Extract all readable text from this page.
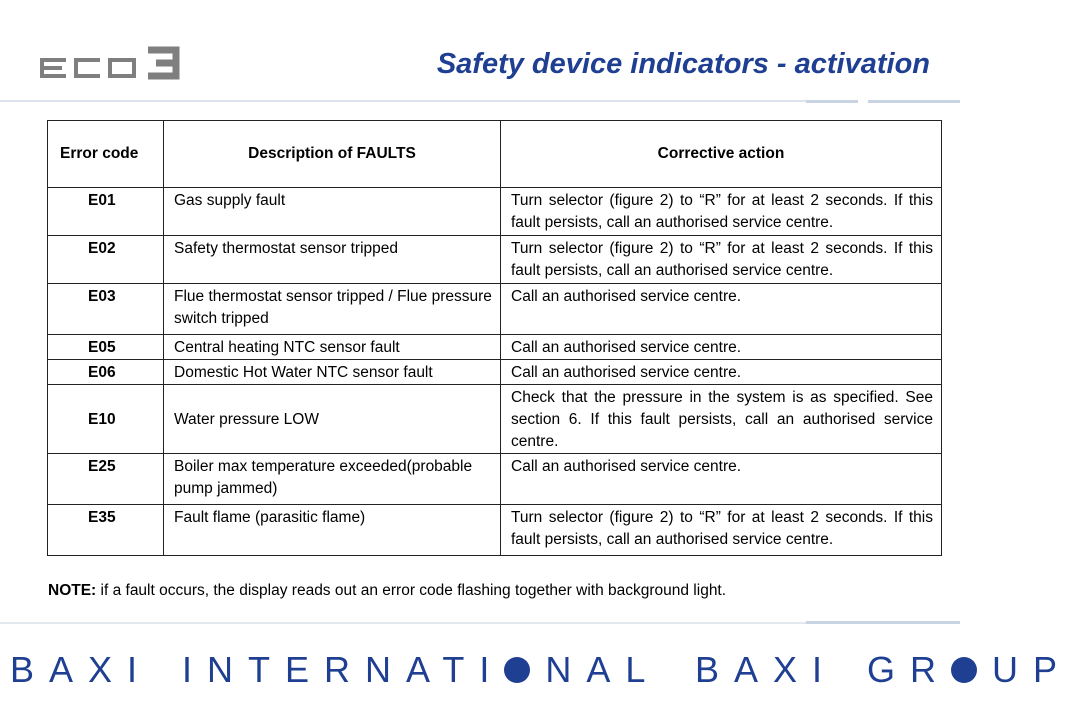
Safety device indicators - activation
Error code	Description of FAULTS	Corrective action
E01	Gas supply fault	Turn selector (figure 2) to “R” for at least 2 seconds. If this fault persists, call an authorised service centre.
E02	Safety thermostat sensor tripped	Turn selector (figure 2) to “R” for at least 2 seconds. If this fault persists, call an authorised service centre.
E03	Flue thermostat sensor tripped / Flue pressure switch tripped	Call an authorised service centre.
E05	Central heating NTC sensor fault	Call an authorised service centre.
E06	Domestic Hot Water NTC sensor fault	Call an authorised service centre.
E10	Water pressure LOW	Check that the pressure in the system is as specified. See section 6. If this fault persists, call an authorised service centre.
E25	Boiler max temperature exceeded(probable pump jammed)	Call an authorised service centre.
E35	Fault flame (parasitic flame)	Turn selector (figure 2) to “R” for at least 2 seconds. If this fault persists, call an authorised service centre.

NOTE: if a fault occurs, the display reads out an error code flashing together with background light.

BAXI INTERNATI NAL BAXI GR UP
